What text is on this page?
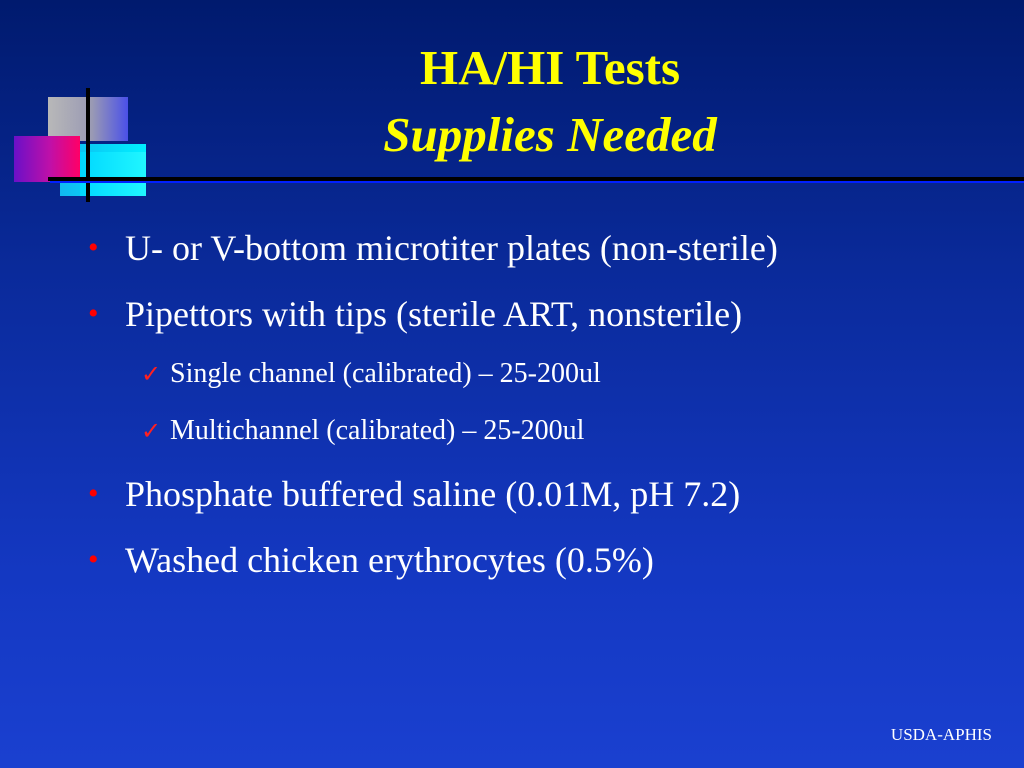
HA/HI Tests
Supplies Needed
• U- or V-bottom microtiter plates (non-sterile)
• Pipettors with tips (sterile ART, nonsterile)
✓ Single channel (calibrated) – 25-200ul
✓ Multichannel (calibrated) – 25-200ul
• Phosphate buffered saline (0.01M, pH 7.2)
• Washed chicken erythrocytes (0.5%)
USDA-APHIS
